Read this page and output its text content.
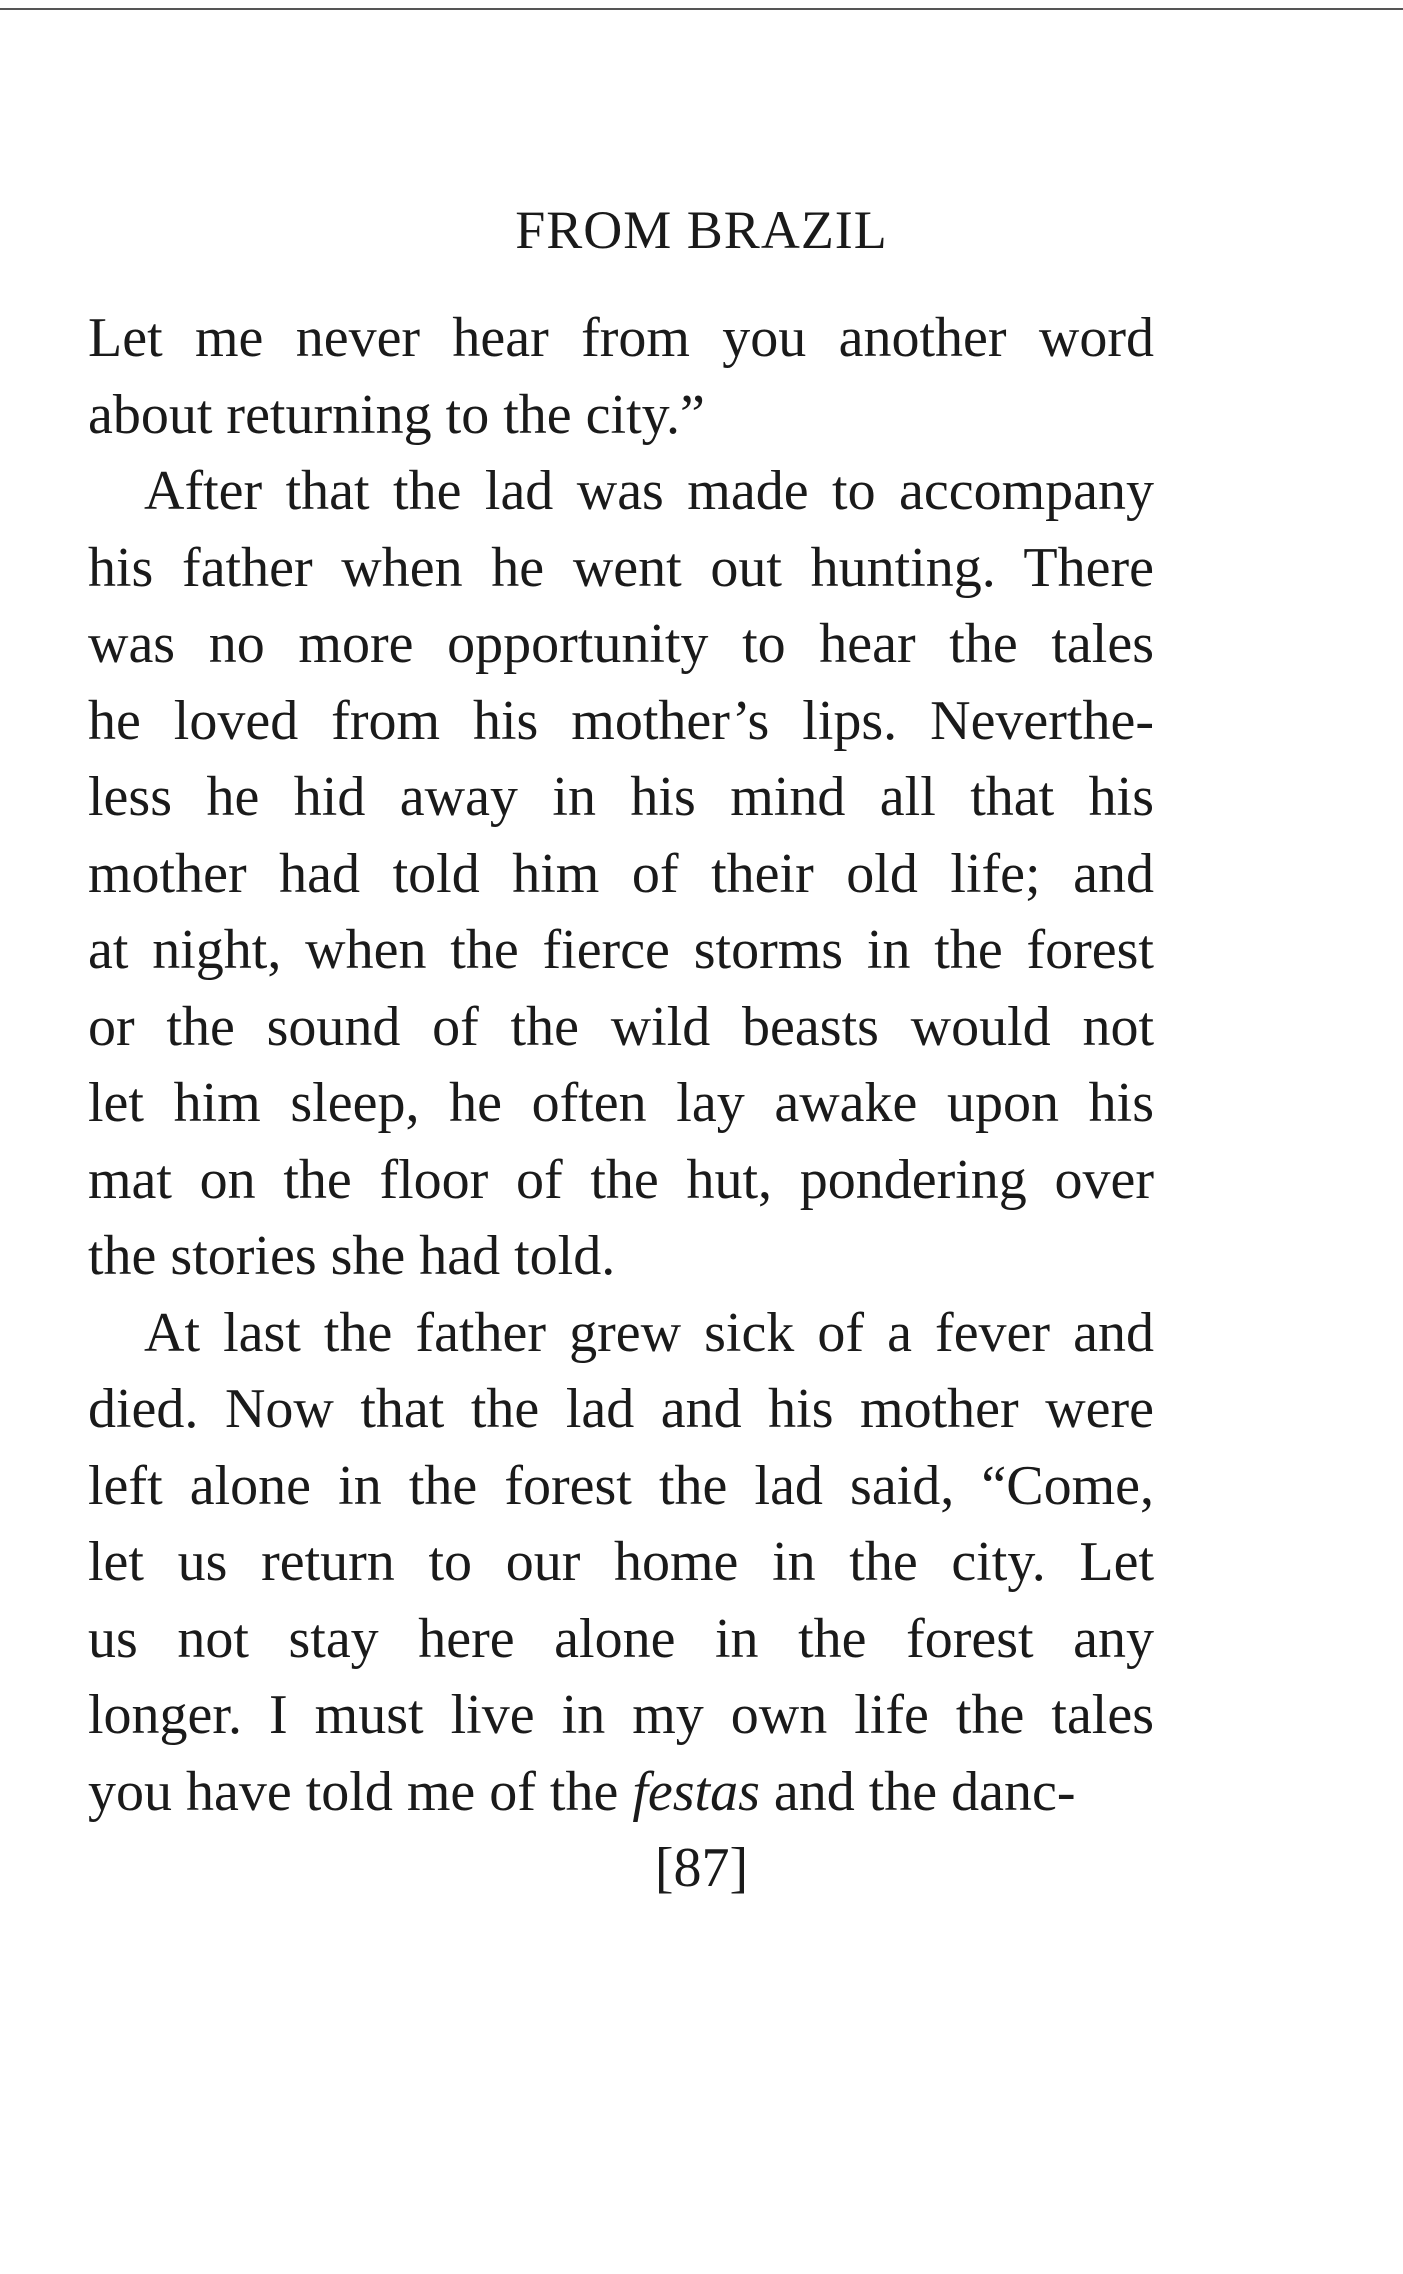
FROM BRAZIL
Let me never hear from you another word
about returning to the city.”
After that the lad was made to accompany
his father when he went out hunting. There
was no more opportunity to hear the tales
he loved from his mother’s lips. Neverthe-
less he hid away in his mind all that his
mother had told him of their old life; and
at night, when the fierce storms in the forest
or the sound of the wild beasts would not
let him sleep, he often lay awake upon his
mat on the floor of the hut, pondering over
the stories she had told.
At last the father grew sick of a fever and
died. Now that the lad and his mother were
left alone in the forest the lad said, “Come,
let us return to our home in the city. Let
us not stay here alone in the forest any
longer. I must live in my own life the tales
you have told me of the festas and the danc-
[87]
